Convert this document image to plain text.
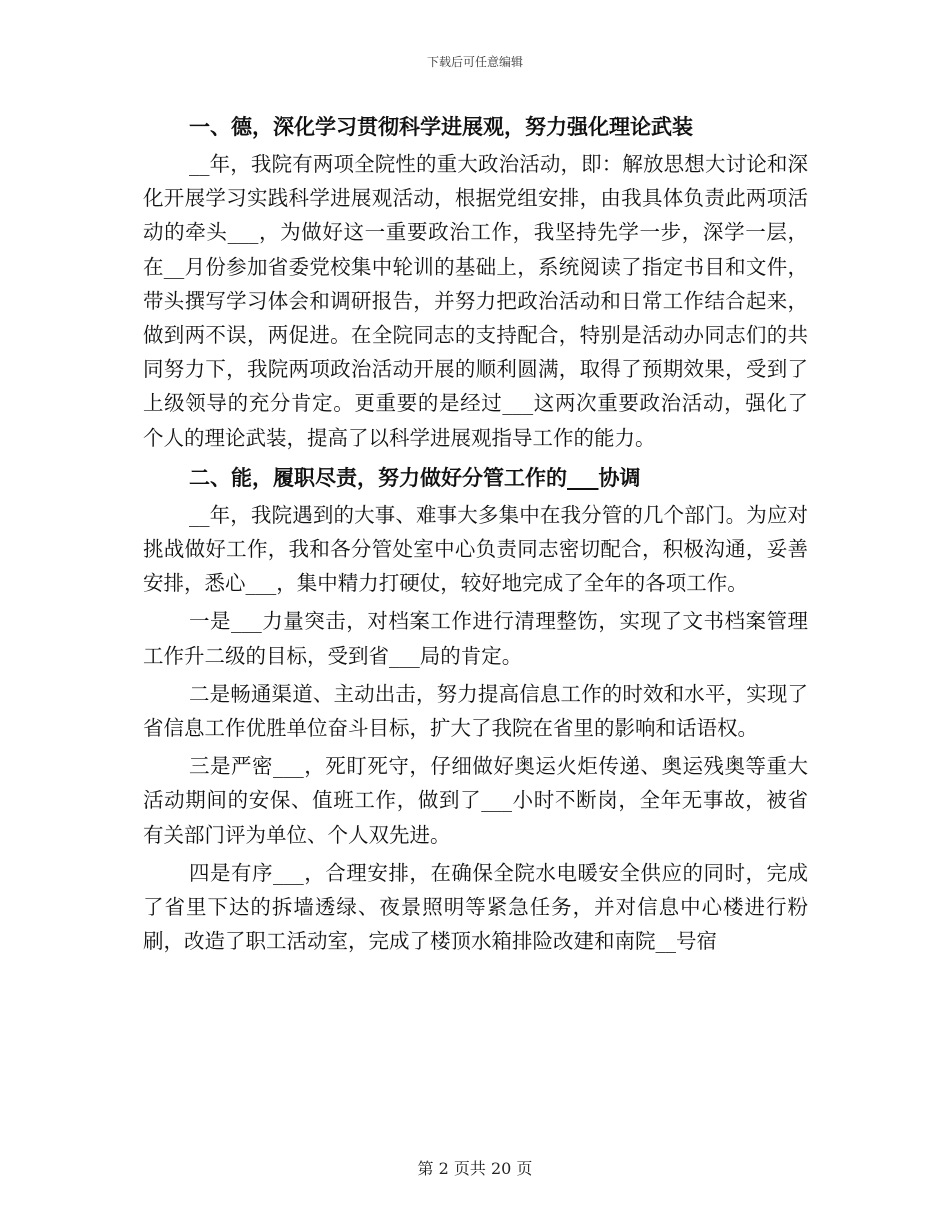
下载后可任意编辑
一、德，深化学习贯彻科学进展观，努力强化理论武装

__年，我院有两项全院性的重大政治活动，即：解放思想大讨论和深化开展学习实践科学进展观活动，根据党组安排，由我具体负责此两项活动的牵头___，为做好这一重要政治工作，我坚持先学一步，深学一层，在__月份参加省委党校集中轮训的基础上，系统阅读了指定书目和文件，带头撰写学习体会和调研报告，并努力把政治活动和日常工作结合起来，做到两不误，两促进。在全院同志的支持配合，特别是活动办同志们的共同努力下，我院两项政治活动开展的顺利圆满，取得了预期效果，受到了上级领导的充分肯定。更重要的是经过___这两次重要政治活动，强化了个人的理论武装，提高了以科学进展观指导工作的能力。

二、能，履职尽责，努力做好分管工作的___协调

__年，我院遇到的大事、难事大多集中在我分管的几个部门。为应对挑战做好工作，我和各分管处室中心负责同志密切配合，积极沟通，妥善安排，悉心___，集中精力打硬仗，较好地完成了全年的各项工作。

一是___力量突击，对档案工作进行清理整饬，实现了文书档案管理工作升二级的目标，受到省___局的肯定。

二是畅通渠道、主动出击，努力提高信息工作的时效和水平，实现了省信息工作优胜单位奋斗目标，扩大了我院在省里的影响和话语权。

三是严密___，死盯死守，仔细做好奥运火炬传递、奥运残奥等重大活动期间的安保、值班工作，做到了___小时不断岗，全年无事故，被省有关部门评为单位、个人双先进。

四是有序___，合理安排，在确保全院水电暖安全供应的同时，完成了省里下达的拆墙透绿、夜景照明等紧急任务，并对信息中心楼进行粉刷，改造了职工活动室，完成了楼顶水箱排险改建和南院__号宿

第 2 页共 20 页
